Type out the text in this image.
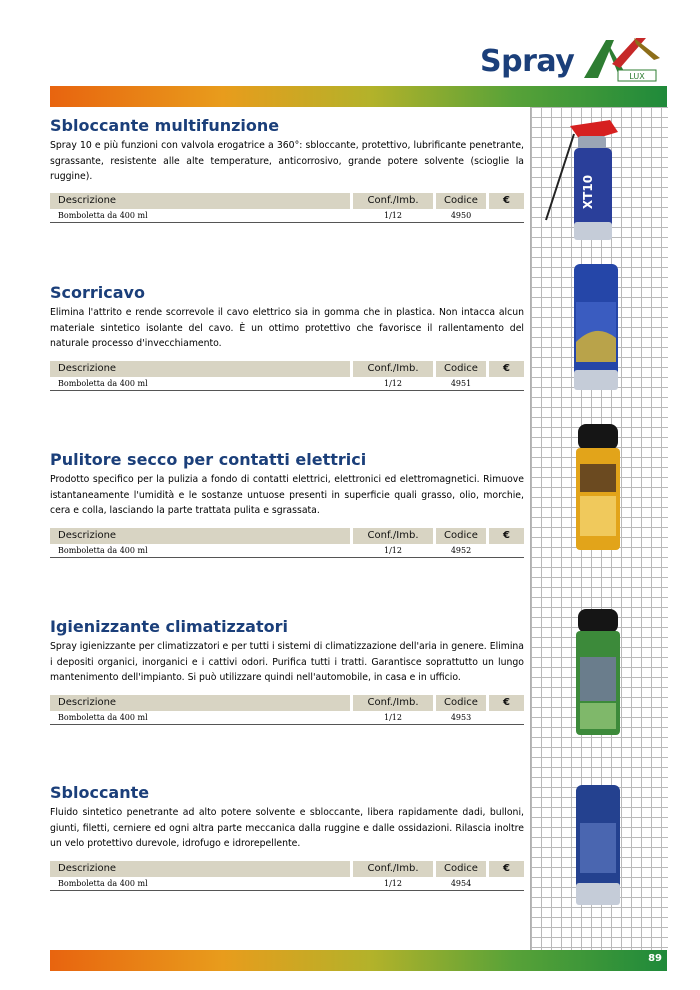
Spray	LUX
XT10
Sbloccante multifunzione

Spray 10 e più funzioni con valvola erogatrice a 360°: sbloccante, protettivo, lubrificante penetrante, sgrassante, resistente alle alte temperature, anticorrosivo, grande potere solvente (scioglie la ruggine).

Descrizione	Conf./Imb.	Codice	€
Bomboletta da 400 ml	1/12	4950
Scorricavo

Elimina l'attrito e rende scorrevole il cavo elettrico sia in gomma che in plastica. Non intacca alcun materiale sintetico isolante del cavo. È un ottimo protettivo che favorisce il rallentamento del naturale processo d'invecchiamento.

Descrizione	Conf./Imb.	Codice	€
Bomboletta da 400 ml	1/12	4951
Pulitore secco per contatti elettrici

Prodotto specifico per la pulizia a fondo di contatti elettrici, elettronici ed elettromagnetici. Rimuove istantaneamente l'umidità e le sostanze untuose presenti in superficie quali grasso, olio, morchie, cera e colla, lasciando la parte trattata pulita e sgrassata.

Descrizione	Conf./Imb.	Codice	€
Bomboletta da 400 ml	1/12	4952
Igienizzante climatizzatori

Spray igienizzante per climatizzatori e per tutti i sistemi di climatizzazione dell'aria in genere. Elimina i depositi organici, inorganici e i cattivi odori. Purifica tutti i tratti. Garantisce soprattutto un lungo mantenimento dell'impianto. Si può utilizzare quindi nell'automobile, in casa e in ufficio.

Descrizione	Conf./Imb.	Codice	€
Bomboletta da 400 ml	1/12	4953
Sbloccante

Fluido sintetico penetrante ad alto potere solvente e sbloccante, libera rapidamente dadi, bulloni, giunti, filetti, cerniere ed ogni altra parte meccanica dalla ruggine e dalle ossidazioni. Rilascia inoltre un velo protettivo durevole, idrofugo e idrorepellente.

Descrizione	Conf./Imb.	Codice	€
Bomboletta da 400 ml	1/12	4954
89
